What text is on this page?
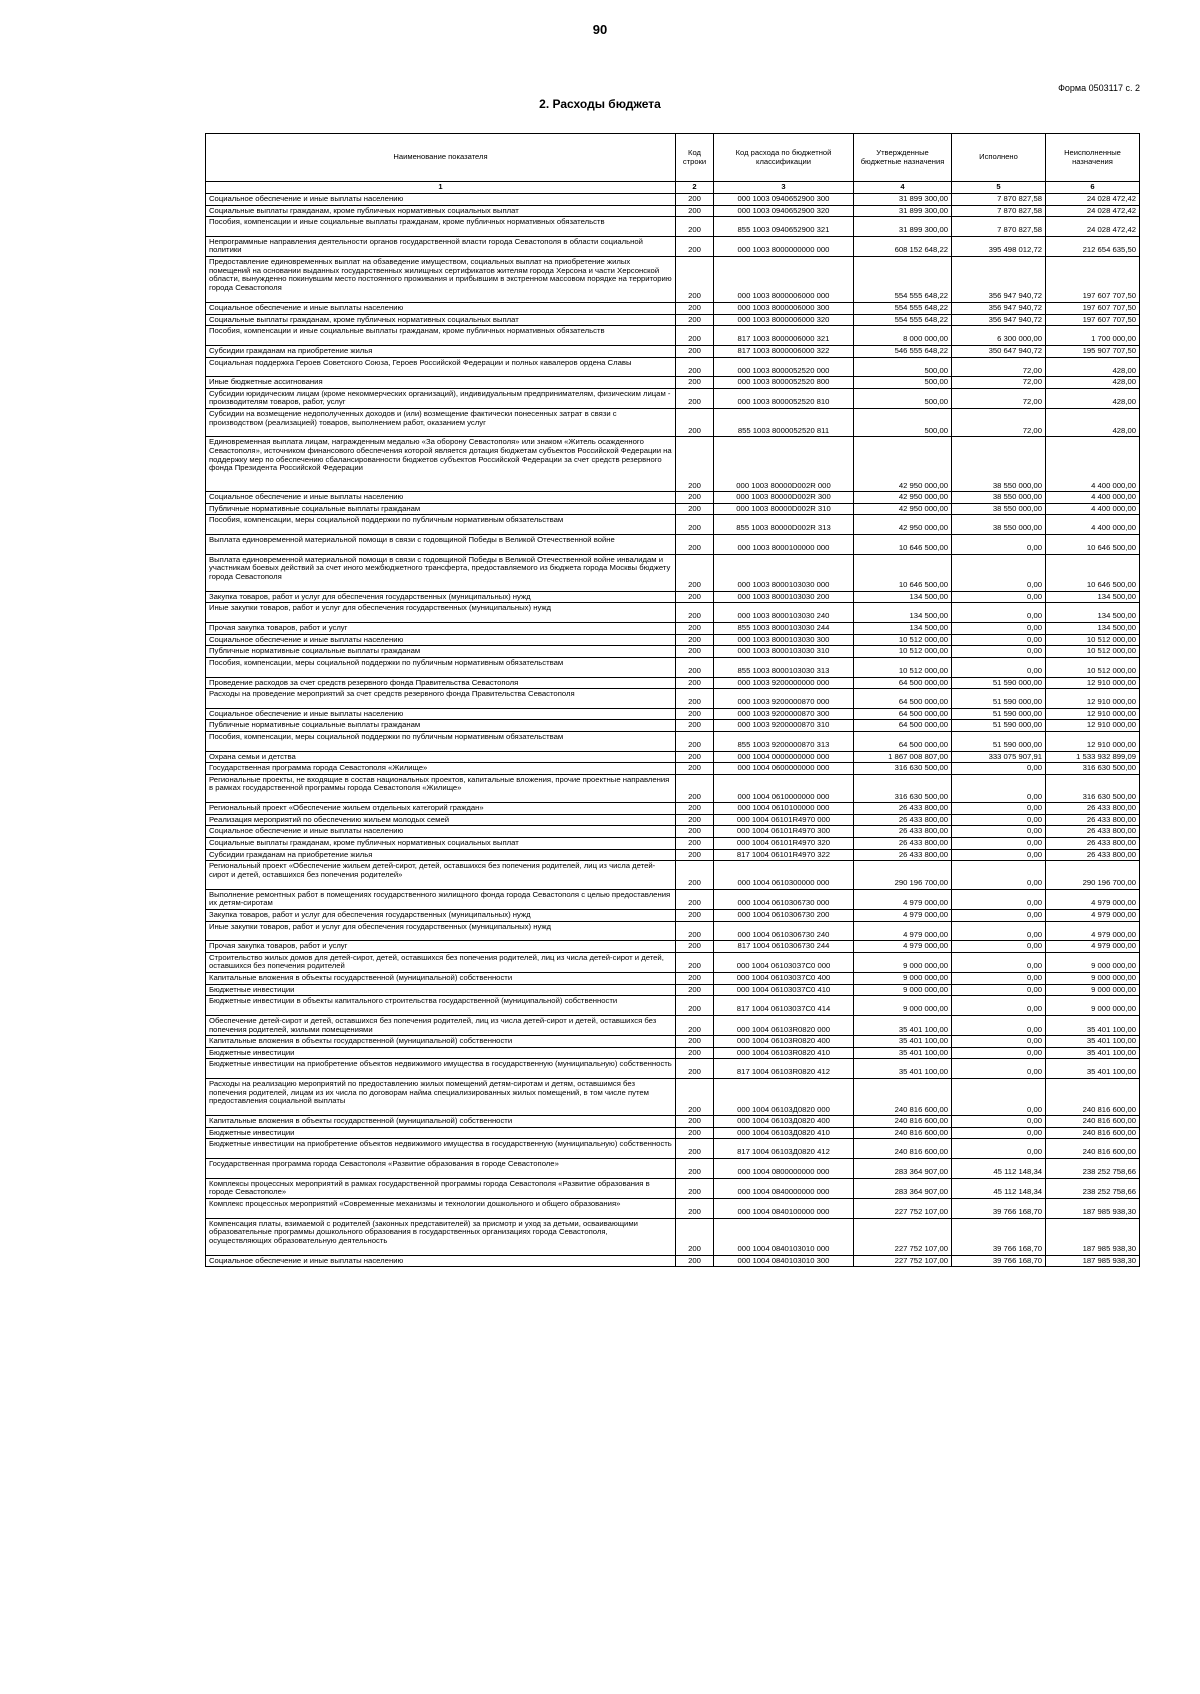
90
Форма 0503117 с. 2
2. Расходы бюджета
Наименование показателя	Код строки	Код расхода по бюджетной классификации	Утвержденные бюджетные назначения	Исполнено	Неисполненные назначения
1	2	3	4	5	6
Социальное обеспечение и иные выплаты населению	200	000 1003 0940652900 300	31 899 300,00	7 870 827,58	24 028 472,42
Социальные выплаты гражданам, кроме публичных нормативных социальных выплат	200	000 1003 0940652900 320	31 899 300,00	7 870 827,58	24 028 472,42
Пособия, компенсации и иные социальные выплаты гражданам, кроме публичных нормативных обязательств	200	855 1003 0940652900 321	31 899 300,00	7 870 827,58	24 028 472,42
Непрограммные направления деятельности органов государственной власти города Севастополя в области социальной политики	200	000 1003 8000000000 000	608 152 648,22	395 498 012,72	212 654 635,50
Предоставление единовременных выплат на обзаведение имуществом, социальных выплат на приобретение жилых помещений на основании выданных государственных жилищных сертификатов жителям города Херсона и части Херсонской области, вынужденно покинувшим место постоянного проживания и прибывшим в экстренном массовом порядке на территорию города Севастополя	200	000 1003 8000006000 000	554 555 648,22	356 947 940,72	197 607 707,50
Социальное обеспечение и иные выплаты населению	200	000 1003 8000006000 300	554 555 648,22	356 947 940,72	197 607 707,50
Социальные выплаты гражданам, кроме публичных нормативных социальных выплат	200	000 1003 8000006000 320	554 555 648,22	356 947 940,72	197 607 707,50
Пособия, компенсации и иные социальные выплаты гражданам, кроме публичных нормативных обязательств	200	817 1003 8000006000 321	8 000 000,00	6 300 000,00	1 700 000,00
Субсидии гражданам на приобретение жилья	200	817 1003 8000006000 322	546 555 648,22	350 647 940,72	195 907 707,50
Социальная поддержка Героев Советского Союза, Героев Российской Федерации и полных кавалеров ордена Славы	200	000 1003 8000052520 000	500,00	72,00	428,00
Иные бюджетные ассигнования	200	000 1003 8000052520 800	500,00	72,00	428,00
Субсидии юридическим лицам (кроме некоммерческих организаций), индивидуальным предпринимателям, физическим лицам - производителям товаров, работ, услуг	200	000 1003 8000052520 810	500,00	72,00	428,00
Субсидии на возмещение недополученных доходов и (или) возмещение фактически понесенных затрат в связи с производством (реализацией) товаров, выполнением работ, оказанием услуг	200	855 1003 8000052520 811	500,00	72,00	428,00
Единовременная выплата лицам, награжденным медалью «За оборону Севастополя» или знаком «Житель осажденного Севастополя», источником финансового обеспечения которой является дотация бюджетам субъектов Российской Федерации на поддержку мер по обеспечению сбалансированности бюджетов субъектов Российской Федерации за счет средств резервного фонда Президента Российской Федерации	200	000 1003 80000D002R 000	42 950 000,00	38 550 000,00	4 400 000,00
Социальное обеспечение и иные выплаты населению	200	000 1003 80000D002R 300	42 950 000,00	38 550 000,00	4 400 000,00
Публичные нормативные социальные выплаты гражданам	200	000 1003 80000D002R 310	42 950 000,00	38 550 000,00	4 400 000,00
Пособия, компенсации, меры социальной поддержки по публичным нормативным обязательствам	200	855 1003 80000D002R 313	42 950 000,00	38 550 000,00	4 400 000,00
Выплата единовременной материальной помощи в связи с годовщиной Победы в Великой Отечественной войне	200	000 1003 8000100000 000	10 646 500,00	0,00	10 646 500,00
Выплата единовременной материальной помощи в связи с годовщиной Победы в Великой Отечественной войне инвалидам и участникам боевых действий за счет иного межбюджетного трансферта, предоставляемого из бюджета города Москвы бюджету города Севастополя	200	000 1003 8000103030 000	10 646 500,00	0,00	10 646 500,00
Закупка товаров, работ и услуг для обеспечения государственных (муниципальных) нужд	200	000 1003 8000103030 200	134 500,00	0,00	134 500,00
Иные закупки товаров, работ и услуг для обеспечения государственных (муниципальных) нужд	200	000 1003 8000103030 240	134 500,00	0,00	134 500,00
Прочая закупка товаров, работ и услуг	200	855 1003 8000103030 244	134 500,00	0,00	134 500,00
Социальное обеспечение и иные выплаты населению	200	000 1003 8000103030 300	10 512 000,00	0,00	10 512 000,00
Публичные нормативные социальные выплаты гражданам	200	000 1003 8000103030 310	10 512 000,00	0,00	10 512 000,00
Пособия, компенсации, меры социальной поддержки по публичным нормативным обязательствам	200	855 1003 8000103030 313	10 512 000,00	0,00	10 512 000,00
Проведение расходов за счет средств резервного фонда Правительства Севастополя	200	000 1003 9200000000 000	64 500 000,00	51 590 000,00	12 910 000,00
Расходы на проведение мероприятий за счет средств резервного фонда Правительства Севастополя	200	000 1003 9200000870 000	64 500 000,00	51 590 000,00	12 910 000,00
Социальное обеспечение и иные выплаты населению	200	000 1003 9200000870 300	64 500 000,00	51 590 000,00	12 910 000,00
Публичные нормативные социальные выплаты гражданам	200	000 1003 9200000870 310	64 500 000,00	51 590 000,00	12 910 000,00
Пособия, компенсации, меры социальной поддержки по публичным нормативным обязательствам	200	855 1003 9200000870 313	64 500 000,00	51 590 000,00	12 910 000,00
Охрана семьи и детства	200	000 1004 0000000000 000	1 867 008 807,00	333 075 907,91	1 533 932 899,09
Государственная программа города Севастополя «Жилище»	200	000 1004 0600000000 000	316 630 500,00	0,00	316 630 500,00
Региональные проекты, не входящие в состав национальных проектов, капитальные вложения, прочие проектные направления в рамках государственной программы города Севастополя «Жилище»	200	000 1004 0610000000 000	316 630 500,00	0,00	316 630 500,00
Региональный проект «Обеспечение жильем отдельных категорий граждан»	200	000 1004 0610100000 000	26 433 800,00	0,00	26 433 800,00
Реализация мероприятий по обеспечению жильем молодых семей	200	000 1004 06101R4970 000	26 433 800,00	0,00	26 433 800,00
Социальное обеспечение и иные выплаты населению	200	000 1004 06101R4970 300	26 433 800,00	0,00	26 433 800,00
Социальные выплаты гражданам, кроме публичных нормативных социальных выплат	200	000 1004 06101R4970 320	26 433 800,00	0,00	26 433 800,00
Субсидии гражданам на приобретение жилья	200	817 1004 06101R4970 322	26 433 800,00	0,00	26 433 800,00
Региональный проект «Обеспечение жильем детей-сирот, детей, оставшихся без попечения родителей, лиц из числа детей-сирот и детей, оставшихся без попечения родителей»	200	000 1004 0610300000 000	290 196 700,00	0,00	290 196 700,00
Выполнение ремонтных работ в помещениях государственного жилищного фонда города Севастополя с целью предоставления их детям-сиротам	200	000 1004 0610306730 000	4 979 000,00	0,00	4 979 000,00
Закупка товаров, работ и услуг для обеспечения государственных (муниципальных) нужд	200	000 1004 0610306730 200	4 979 000,00	0,00	4 979 000,00
Иные закупки товаров, работ и услуг для обеспечения государственных (муниципальных) нужд	200	000 1004 0610306730 240	4 979 000,00	0,00	4 979 000,00
Прочая закупка товаров, работ и услуг	200	817 1004 0610306730 244	4 979 000,00	0,00	4 979 000,00
Строительство жилых домов для детей-сирот, детей, оставшихся без попечения родителей, лиц из числа детей-сирот и детей, оставшихся без попечения родителей	200	000 1004 061030З7С0 000	9 000 000,00	0,00	9 000 000,00
Капитальные вложения в объекты государственной (муниципальной) собственности	200	000 1004 061030З7С0 400	9 000 000,00	0,00	9 000 000,00
Бюджетные инвестиции	200	000 1004 061030З7С0 410	9 000 000,00	0,00	9 000 000,00
Бюджетные инвестиции в объекты капитального строительства государственной (муниципальной) собственности	200	817 1004 061030З7С0 414	9 000 000,00	0,00	9 000 000,00
Обеспечение детей-сирот и детей, оставшихся без попечения родителей, лиц из числа детей-сирот и детей, оставшихся без попечения родителей, жилыми помещениями	200	000 1004 06103R0820 000	35 401 100,00	0,00	35 401 100,00
Капитальные вложения в объекты государственной (муниципальной) собственности	200	000 1004 06103R0820 400	35 401 100,00	0,00	35 401 100,00
Бюджетные инвестиции	200	000 1004 06103R0820 410	35 401 100,00	0,00	35 401 100,00
Бюджетные инвестиции на приобретение объектов недвижимого имущества в государственную (муниципальную) собственность	200	817 1004 06103R0820 412	35 401 100,00	0,00	35 401 100,00
Расходы на реализацию мероприятий по предоставлению жилых помещений детям-сиротам и детям, оставшимся без попечения родителей, лицам из их числа по договорам найма специализированных жилых помещений, в том числе путем предоставления социальной выплаты	200	000 1004 06103Д0820 000	240 816 600,00	0,00	240 816 600,00
Капитальные вложения в объекты государственной (муниципальной) собственности	200	000 1004 06103Д0820 400	240 816 600,00	0,00	240 816 600,00
Бюджетные инвестиции	200	000 1004 06103Д0820 410	240 816 600,00	0,00	240 816 600,00
Бюджетные инвестиции на приобретение объектов недвижимого имущества в государственную (муниципальную) собственность	200	817 1004 06103Д0820 412	240 816 600,00	0,00	240 816 600,00
Государственная программа города Севастополя «Развитие образования в городе Севастополе»	200	000 1004 0800000000 000	283 364 907,00	45 112 148,34	238 252 758,66
Комплексы процессных мероприятий в рамках государственной программы города Севастополя «Развитие образования в городе Севастополе»	200	000 1004 0840000000 000	283 364 907,00	45 112 148,34	238 252 758,66
Комплекс процессных мероприятий «Современные механизмы и технологии дошкольного и общего образования»	200	000 1004 0840100000 000	227 752 107,00	39 766 168,70	187 985 938,30
Компенсация платы, взимаемой с родителей (законных представителей) за присмотр и уход за детьми, осваивающими образовательные программы дошкольного образования в государственных организациях города Севастополя, осуществляющих образовательную деятельность	200	000 1004 0840103010 000	227 752 107,00	39 766 168,70	187 985 938,30
Социальное обеспечение и иные выплаты населению	200	000 1004 0840103010 300	227 752 107,00	39 766 168,70	187 985 938,30
